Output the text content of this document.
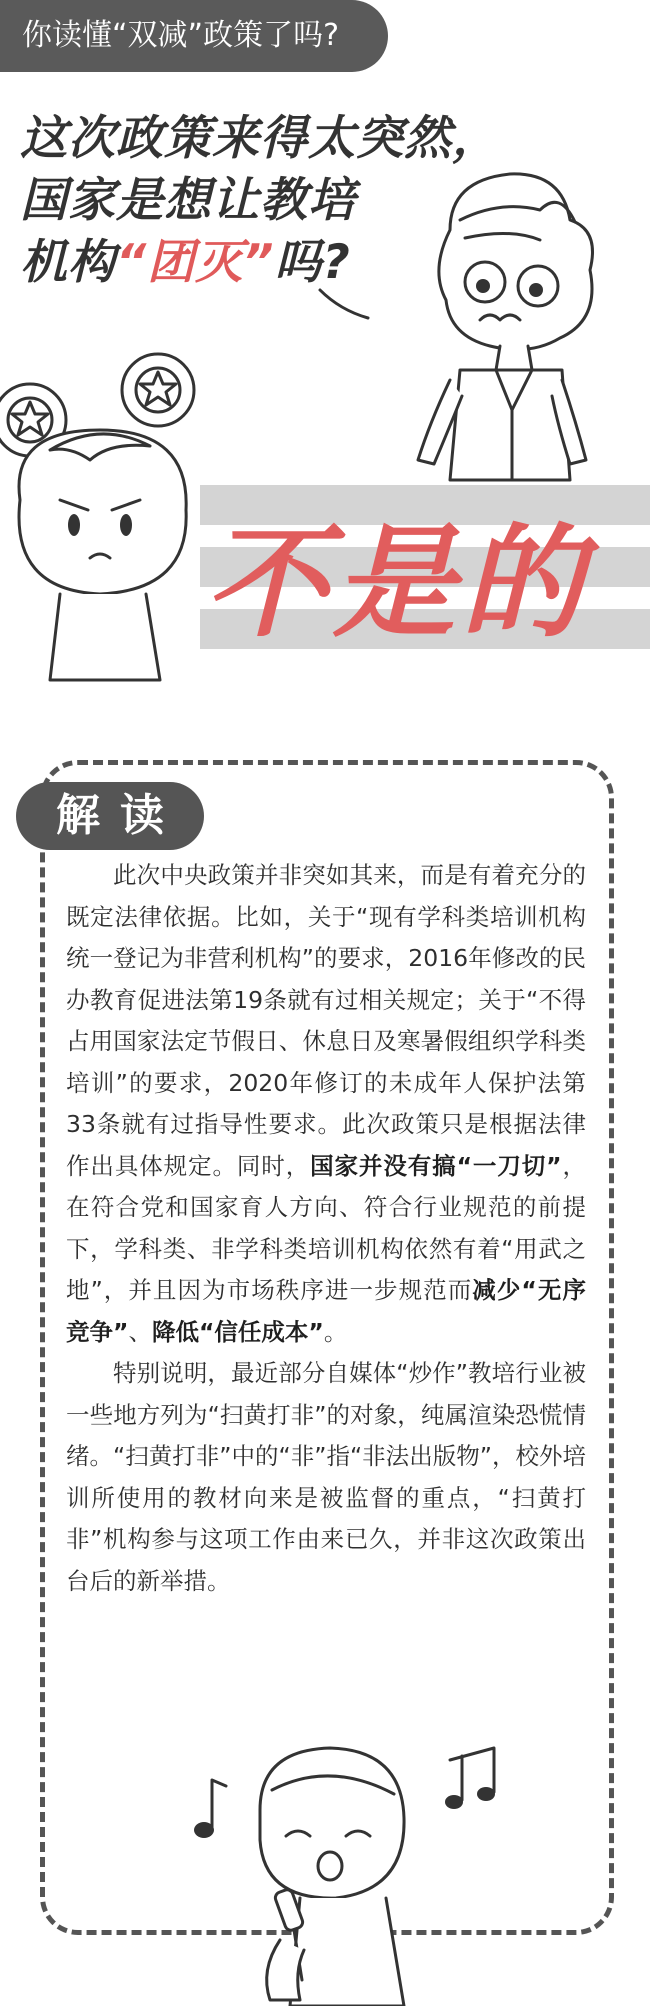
你读懂“双减”政策了吗?
这次政策来得太突然，
国家是想让教培
机构“团灭”吗?
不是的
解读

此次中央政策并非突如其来，而是有着充分的既定法律依据。比如，关于“现有学科类培训机构统一登记为非营利机构”的要求，2016年修改的民办教育促进法第19条就有过相关规定；关于“不得占用国家法定节假日、休息日及寒暑假组织学科类培训”的要求，2020年修订的未成年人保护法第33条就有过指导性要求。此次政策只是根据法律作出具体规定。同时，国家并没有搞“一刀切”，在符合党和国家育人方向、符合行业规范的前提下，学科类、非学科类培训机构依然有着“用武之地”，并且因为市场秩序进一步规范而减少“无序竞争”、降低“信任成本”。

特别说明，最近部分自媒体“炒作”教培行业被一些地方列为“扫黄打非”的对象，纯属渲染恐慌情绪。“扫黄打非”中的“非”指“非法出版物”，校外培训所使用的教材向来是被监督的重点，“扫黄打非”机构参与这项工作由来已久，并非这次政策出台后的新举措。
